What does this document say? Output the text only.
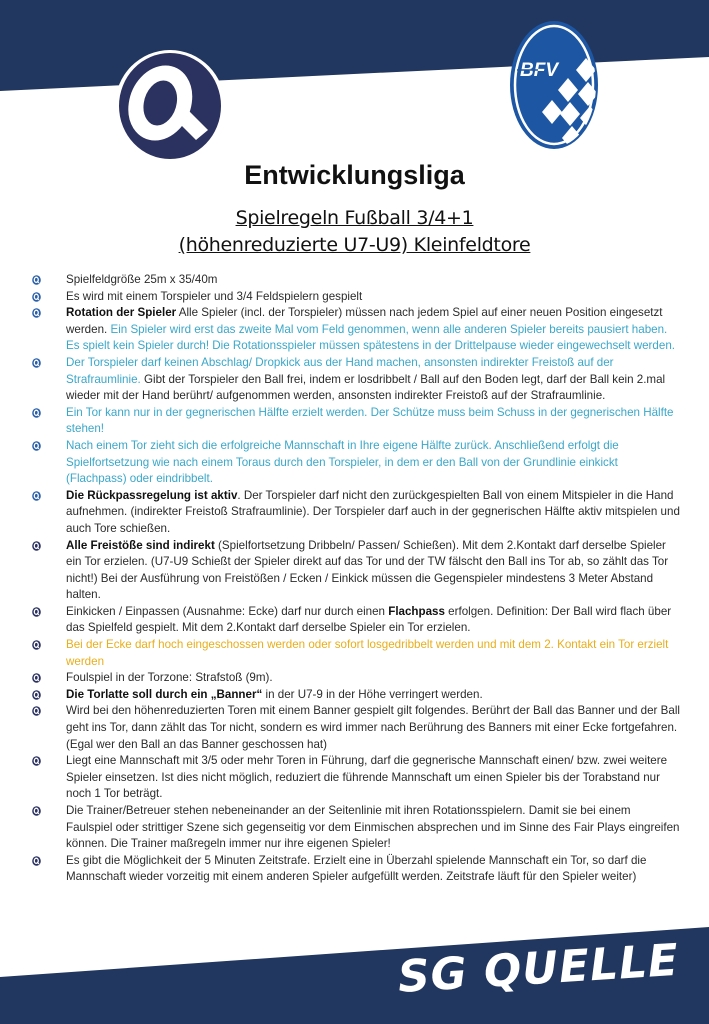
BFV
Entwicklungsliga
Spielregeln Fußball 3/4+1
(höhenreduzierte U7-U9) Kleinfeldtore
Spielfeldgröße 25m x 35/40m
Es wird mit einem Torspieler und 3/4 Feldspielern gespielt
Rotation der Spieler Alle Spieler (incl. der Torspieler) müssen nach jedem Spiel auf einer neuen Position eingesetzt werden. Ein Spieler wird erst das zweite Mal vom Feld genommen, wenn alle anderen Spieler bereits pausiert haben. Es spielt kein Spieler durch! Die Rotationsspieler müssen spätestens in der Drittelpause wieder eingewechselt werden.
Der Torspieler darf keinen Abschlag/ Dropkick aus der Hand machen, ansonsten indirekter Freistoß auf der Strafraumlinie. Gibt der Torspieler den Ball frei, indem er losdribbelt / Ball auf den Boden legt, darf der Ball kein 2.mal wieder mit der Hand berührt/ aufgenommen werden, ansonsten indirekter Freistoß auf der Strafraumlinie.
Ein Tor kann nur in der gegnerischen Hälfte erzielt werden. Der Schütze muss beim Schuss in der gegnerischen Hälfte stehen!
Nach einem Tor zieht sich die erfolgreiche Mannschaft in Ihre eigene Hälfte zurück. Anschließend erfolgt die Spielfortsetzung wie nach einem Toraus durch den Torspieler, in dem er den Ball von der Grundlinie einkickt (Flachpass) oder eindribbelt.
Die Rückpassregelung ist aktiv. Der Torspieler darf nicht den zurückgespielten Ball von einem Mitspieler in die Hand aufnehmen. (indirekter Freistoß Strafraumlinie). Der Torspieler darf auch in der gegnerischen Hälfte aktiv mitspielen und auch Tore schießen.
Alle Freistöße sind indirekt (Spielfortsetzung Dribbeln/ Passen/ Schießen). Mit dem 2.Kontakt darf derselbe Spieler ein Tor erzielen. (U7-U9 Schießt der Spieler direkt auf das Tor und der TW fälscht den Ball ins Tor ab, so zählt das Tor nicht!) Bei der Ausführung von Freistößen / Ecken / Einkick müssen die Gegenspieler mindestens 3 Meter Abstand halten.
Einkicken / Einpassen (Ausnahme: Ecke) darf nur durch einen Flachpass erfolgen. Definition: Der Ball wird flach über das Spielfeld gespielt. Mit dem 2.Kontakt darf derselbe Spieler ein Tor erzielen.
Bei der Ecke darf hoch eingeschossen werden oder sofort losgedribbelt werden und mit dem 2. Kontakt ein Tor erzielt werden
Foulspiel in der Torzone: Strafstoß (9m).
Die Torlatte soll durch ein „Banner“ in der U7-9 in der Höhe verringert werden.
Wird bei den höhenreduzierten Toren mit einem Banner gespielt gilt folgendes. Berührt der Ball das Banner und der Ball geht ins Tor, dann zählt das Tor nicht, sondern es wird immer nach Berührung des Banners mit einer Ecke fortgefahren. (Egal wer den Ball an das Banner geschossen hat)
Liegt eine Mannschaft mit 3/5 oder mehr Toren in Führung, darf die gegnerische Mannschaft einen/ bzw. zwei weitere Spieler einsetzen. Ist dies nicht möglich, reduziert die führende Mannschaft um einen Spieler bis der Torabstand nur noch 1 Tor beträgt.
Die Trainer/Betreuer stehen nebeneinander an der Seitenlinie mit ihren Rotationsspielern. Damit sie bei einem Faulspiel oder strittiger Szene sich gegenseitig vor dem Einmischen absprechen und im Sinne des Fair Plays eingreifen können. Die Trainer maßregeln immer nur ihre eigenen Spieler!
Es gibt die Möglichkeit der 5 Minuten Zeitstrafe. Erzielt eine in Überzahl spielende Mannschaft ein Tor, so darf die Mannschaft wieder vorzeitig mit einem anderen Spieler aufgefüllt werden. Zeitstrafe läuft für den Spieler weiter)
SG QUELLE
